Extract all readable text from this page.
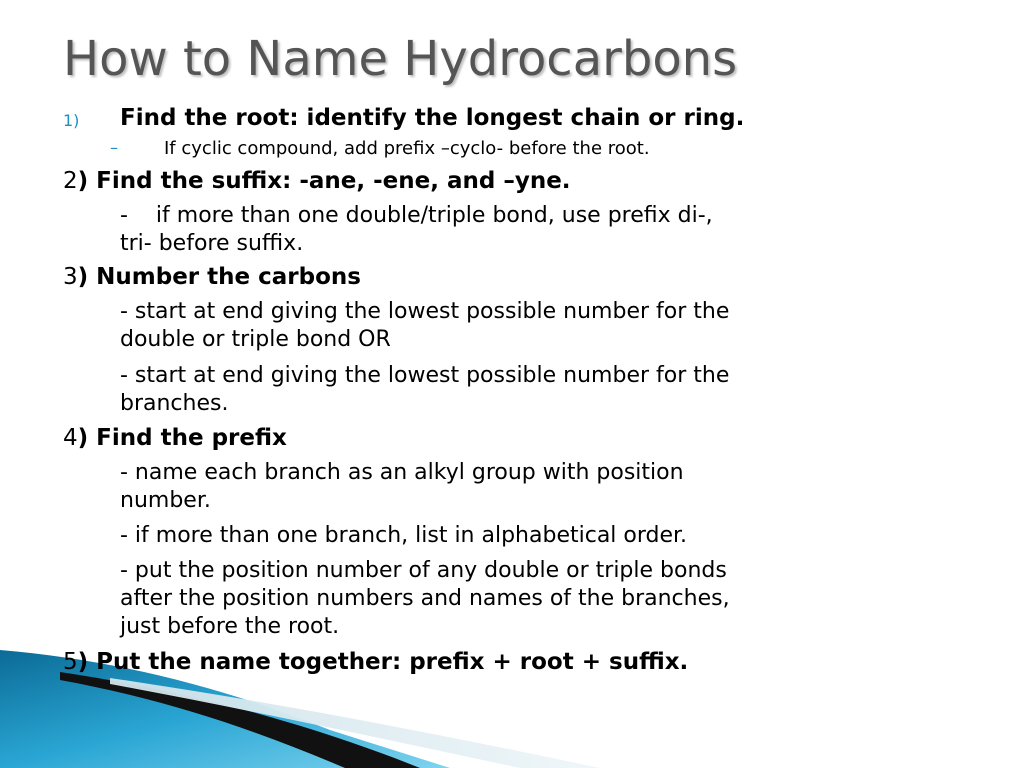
How to Name Hydrocarbons
1) Find the root: identify the longest chain or ring.
–	If cyclic compound, add prefix –cyclo- before the root.
2) Find the suffix: -ane, -ene, and –yne.
-    if more than one double/triple bond, use prefix di-,
tri- before suffix.
3) Number the carbons
- start at end giving the lowest possible number for the
double or triple bond OR
- start at end giving the lowest possible number for the
branches.
4) Find the prefix
- name each branch as an alkyl group with position
number.
- if more than one branch, list in alphabetical order.
- put the position number of any double or triple bonds
after the position numbers and names of the branches,
just before the root.
5) Put the name together: prefix + root + suffix.
